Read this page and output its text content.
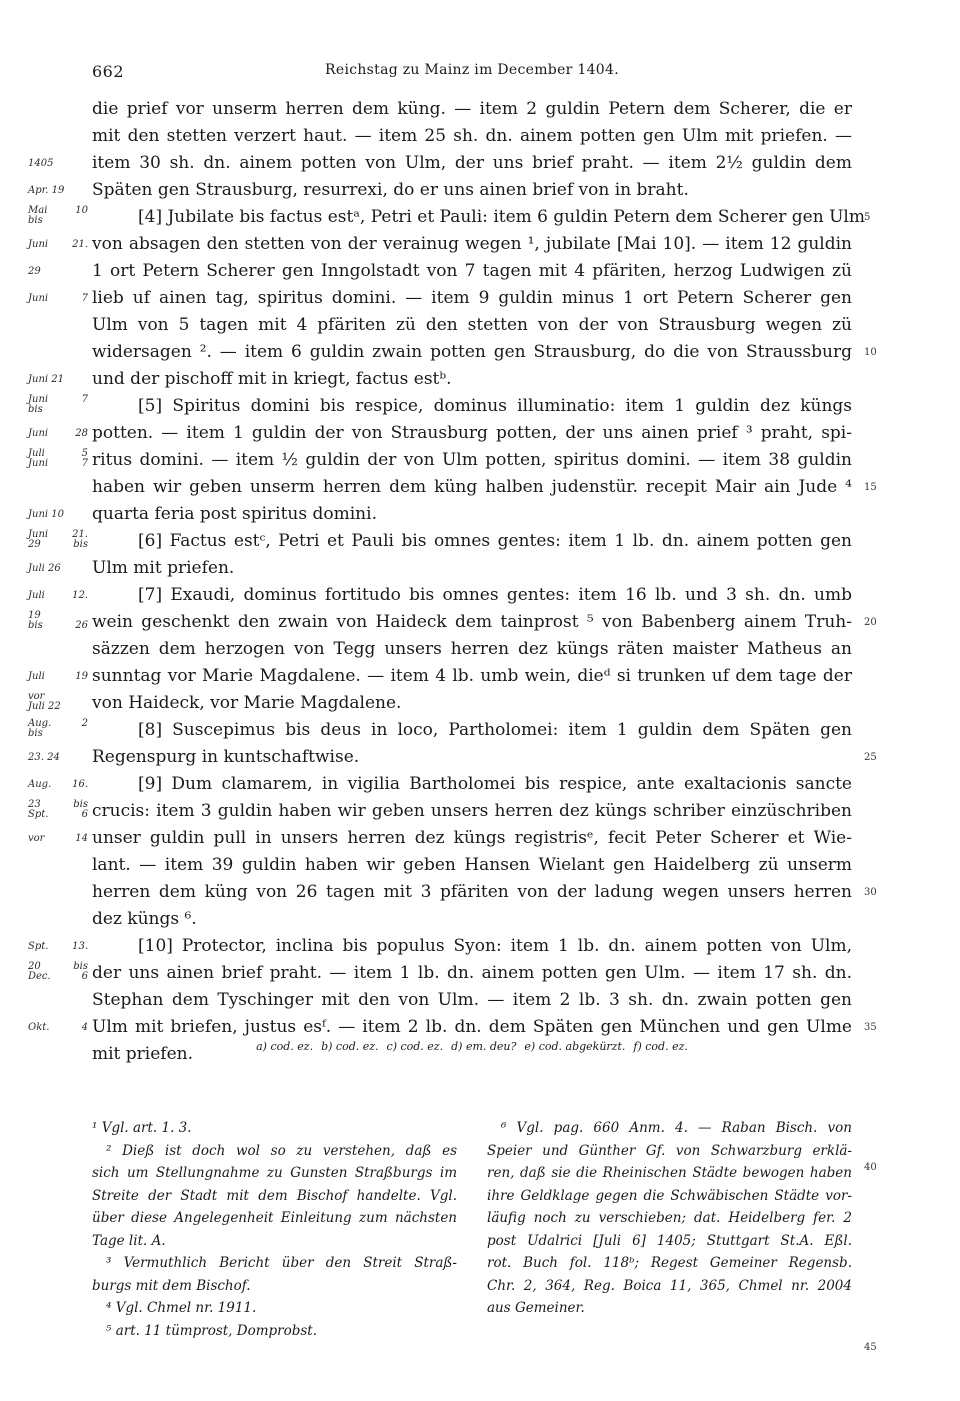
662	Reichstag zu Mainz im December 1404.
die prief vor unserm herren dem küng. — item 2 guldin Petern dem Scherer, die er
mit den stetten verzert haut. — item 25 sh. dn. ainem potten gen Ulm mit priefen. —
item 30 sh. dn. ainem potten von Ulm, der uns brief praht. — item 2½ guldin dem
1405
Späten gen Strausburg, resurrexi, do er uns ainen brief von in braht.
Apr. 19
[4] Jubilate bis factus estᵃ, Petri et Pauli: item 6 guldin Petern dem Scherer gen Ulm
Mai 10
bis	5
von absagen den stetten von der verainug wegen ¹, jubilate [Mai 10]. — item 12 guldin
Juni 21.
1 ort Petern Scherer gen Inngolstadt von 7 tagen mit 4 pfäriten, herzog Ludwigen zü
29
lieb uf ainen tag, spiritus domini. — item 9 guldin minus 1 ort Petern Scherer gen
Juni 7
Ulm von 5 tagen mit 4 pfäriten zü den stetten von der von Strausburg wegen zü
widersagen ². — item 6 guldin zwain potten gen Strausburg, do die von Straussburg 10
und der pischoff mit in kriegt, factus estᵇ.
Juni 21
[5] Spiritus domini bis respice, dominus illuminatio: item 1 guldin dez küngs
Juni 7
bis
potten. — item 1 guldin der von Strausburg potten, der uns ainen prief ³ praht, spi-
Juni 28
ritus domini. — item ½ guldin der von Ulm potten, spiritus domini. — item 38 guldin
Juli 5
Juni 7
haben wir geben unserm herren dem küng halben judenstür. recepit Mair ain Jude ⁴ 15
quarta feria post spiritus domini.
Juni 10
[6] Factus estᶜ, Petri et Pauli bis omnes gentes: item 1 lb. dn. ainem potten gen
Juni 21.
29 bis
Ulm mit priefen.
Juli 26
[7] Exaudi, dominus fortitudo bis omnes gentes: item 16 lb. und 3 sh. dn. umb
Juli 12.
wein geschenkt den zwain von Haideck dem tainprost ⁵ von Babenberg ainem Truh-
19
bis 26	20
säzzen dem herzogen von Tegg unsers herren dez küngs räten maister Matheus an
sunntag vor Marie Magdalene. — item 4 lb. umb wein, dieᵈ si trunken uf dem tage der
Juli 19
von Haideck, vor Marie Magdalene.
vor
Juli 22
[8] Suscepimus bis deus in loco, Partholomei: item 1 guldin dem Späten gen
Aug. 2
bis
Regenspurg in kuntschaftwise.
23. 24	25
[9] Dum clamarem, in vigilia Bartholomei bis respice, ante exaltacionis sancte
Aug. 16.
crucis: item 3 guldin haben wir geben unsers herren dez küngs schriber einzüschriben
23 bis
Spt. 6
unser guldin pull in unsers herren dez küngs registrisᵉ, fecit Peter Scherer et Wie-
vor 14
lant. — item 39 guldin haben wir geben Hansen Wielant gen Haidelberg zü unserm
herren dem küng von 26 tagen mit 3 pfäriten von der ladung wegen unsers herren 30
dez küngs ⁶.
[10] Protector, inclina bis populus Syon: item 1 lb. dn. ainem potten von Ulm,
Spt. 13.
der uns ainen brief praht. — item 1 lb. dn. ainem potten gen Ulm. — item 17 sh. dn.
20 bis
Dec. 6
Stephan dem Tyschinger mit den von Ulm. — item 2 lb. 3 sh. dn. zwain potten gen
Ulm mit briefen, justus esᶠ. — item 2 lb. dn. dem Späten gen München und gen Ulme
Okt. 4	35
mit priefen.	a) cod. ez. b) cod. ez. c) cod. ez. d) em. deu? e) cod. abgekürzt. f) cod. ez.
¹ Vgl. art. 1. 3.
² Dieß ist doch wol so zu verstehen, daß es
sich um Stellungnahme zu Gunsten Straßburgs im
Streite der Stadt mit dem Bischof handelte. Vgl.
über diese Angelegenheit Einleitung zum nächsten
Tage lit. A.
³ Vermuthlich Bericht über den Streit Straß-
burgs mit dem Bischof.
⁴ Vgl. Chmel nr. 1911.
⁵ art. 11 tümprost, Domprobst.
⁶ Vgl. pag. 660 Anm. 4. — Raban Bisch. von
Speier und Günther Gf. von Schwarzburg erklä-
ren, daß sie die Rheinischen Städte bewogen haben
ihre Geldklage gegen die Schwäbischen Städte vor-
läufig noch zu verschieben; dat. Heidelberg fer. 2
post Udalrici [Juli 6] 1405; Stuttgart St.A. Eßl.
rot. Buch fol. 118ᵇ; Regest Gemeiner Regensb.
Chr. 2, 364, Reg. Boica 11, 365, Chmel nr. 2004
aus Gemeiner.
40
45
